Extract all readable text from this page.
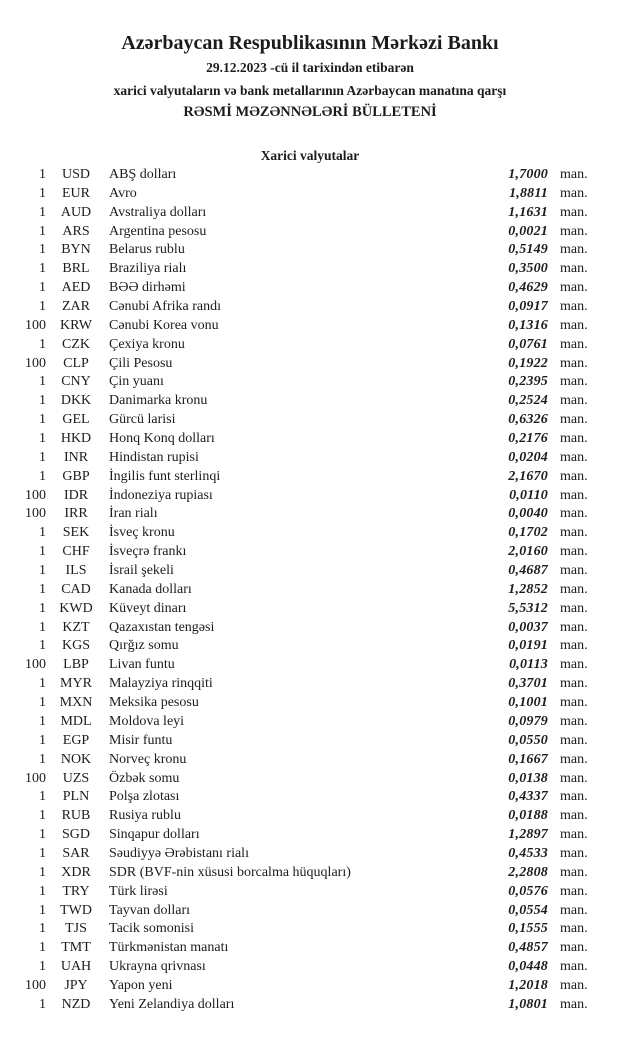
Azərbaycan Respublikasının Mərkəzi Bankı
29.12.2023 -cü il tarixindən etibarən
xarici valyutaların və bank metallarının Azərbaycan manatına qarşı
RƏSMİ MƏZƏNNƏLƏRİ BÜLLETENİ
Xarici valyutalar
1	USD	ABŞ dolları	1,7000 man.
1	EUR	Avro	1,8811 man.
1	AUD	Avstraliya dolları	1,1631 man.
1	ARS	Argentina pesosu	0,0021 man.
1	BYN	Belarus rublu	0,5149 man.
1	BRL	Braziliya rialı	0,3500 man.
1	AED	BƏƏ dirhəmi	0,4629 man.
1	ZAR	Cənubi Afrika randı	0,0917 man.
100	KRW	Cənubi Korea vonu	0,1316 man.
1	CZK	Çexiya kronu	0,0761 man.
100	CLP	Çili Pesosu	0,1922 man.
1	CNY	Çin yuanı	0,2395 man.
1	DKK	Danimarka kronu	0,2524 man.
1	GEL	Gürcü larisi	0,6326 man.
1	HKD	Honq Konq dolları	0,2176 man.
1	INR	Hindistan rupisi	0,0204 man.
1	GBP	İngilis funt sterlinqi	2,1670 man.
100	IDR	İndoneziya rupiası	0,0110 man.
100	IRR	İran rialı	0,0040 man.
1	SEK	İsveç kronu	0,1702 man.
1	CHF	İsveçrə frankı	2,0160 man.
1	ILS	İsrail şekeli	0,4687 man.
1	CAD	Kanada dolları	1,2852 man.
1 KWD	Küveyt dinarı	5,5312 man.
1	KZT	Qazaxıstan tengəsi	0,0037 man.
1	KGS	Qırğız somu	0,0191 man.
100	LBP	Livan funtu	0,0113 man.
1	MYR	Malayziya rinqqiti	0,3701 man.
1 MXN	Meksika pesosu	0,1001 man.
1	MDL	Moldova leyi	0,0979 man.
1	EGP	Misir funtu	0,0550 man.
1	NOK	Norveç kronu	0,1667 man.
100	UZS	Özbək somu	0,0138 man.
1	PLN	Polşa zlotası	0,4337 man.
1	RUB	Rusiya rublu	0,0188 man.
1	SGD	Sinqapur dolları	1,2897 man.
1	SAR	Səudiyyə Ərəbistanı rialı	0,4533 man.
1	XDR	SDR (BVF-nin xüsusi borcalma hüquqları)	2,2808 man.
1	TRY	Türk lirəsi	0,0576 man.
1	TWD	Tayvan dolları	0,0554 man.
1	TJS	Tacik somonisi	0,1555 man.
1	TMT	Türkmənistan manatı	0,4857 man.
1	UAH	Ukrayna qrivnası	0,0448 man.
100	JPY	Yapon yeni	1,2018 man.
1	NZD	Yeni Zelandiya dolları	1,0801 man.
